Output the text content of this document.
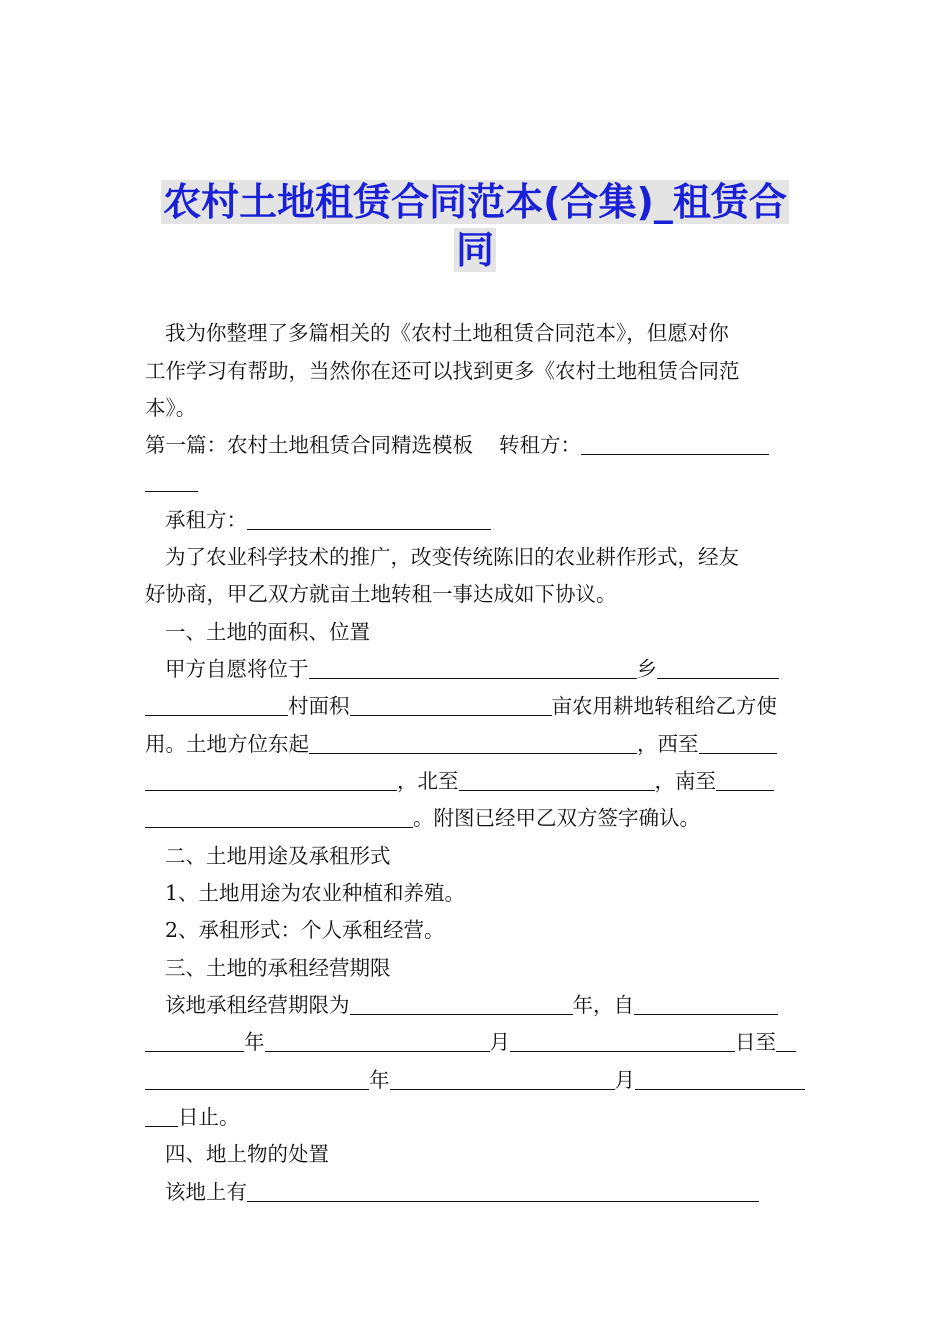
农村土地租赁合同范本(合集)_租赁合
同
我为你整理了多篇相关的《农村土地租赁合同范本》，但愿对你
工作学习有帮助，当然你在还可以找到更多《农村土地租赁合同范
本》。
第一篇：农村土地租赁合同精选模板 转租方：
承租方：
为了农业科学技术的推广，改变传统陈旧的农业耕作形式，经友
好协商，甲乙双方就亩土地转租一事达成如下协议。
一、土地的面积、位置
甲方自愿将位于	乡
村面积	亩农用耕地转租给乙方使
用。土地方位东起	，西至
，北至	，南至
。附图已经甲乙双方签字确认。
二、土地用途及承租形式
1、土地用途为农业种植和养殖。
2、承租形式：个人承租经营。
三、土地的承租经营期限
该地承租经营期限为	年，自
年	月	日至
年	月
日止。
四、地上物的处置
该地上有
